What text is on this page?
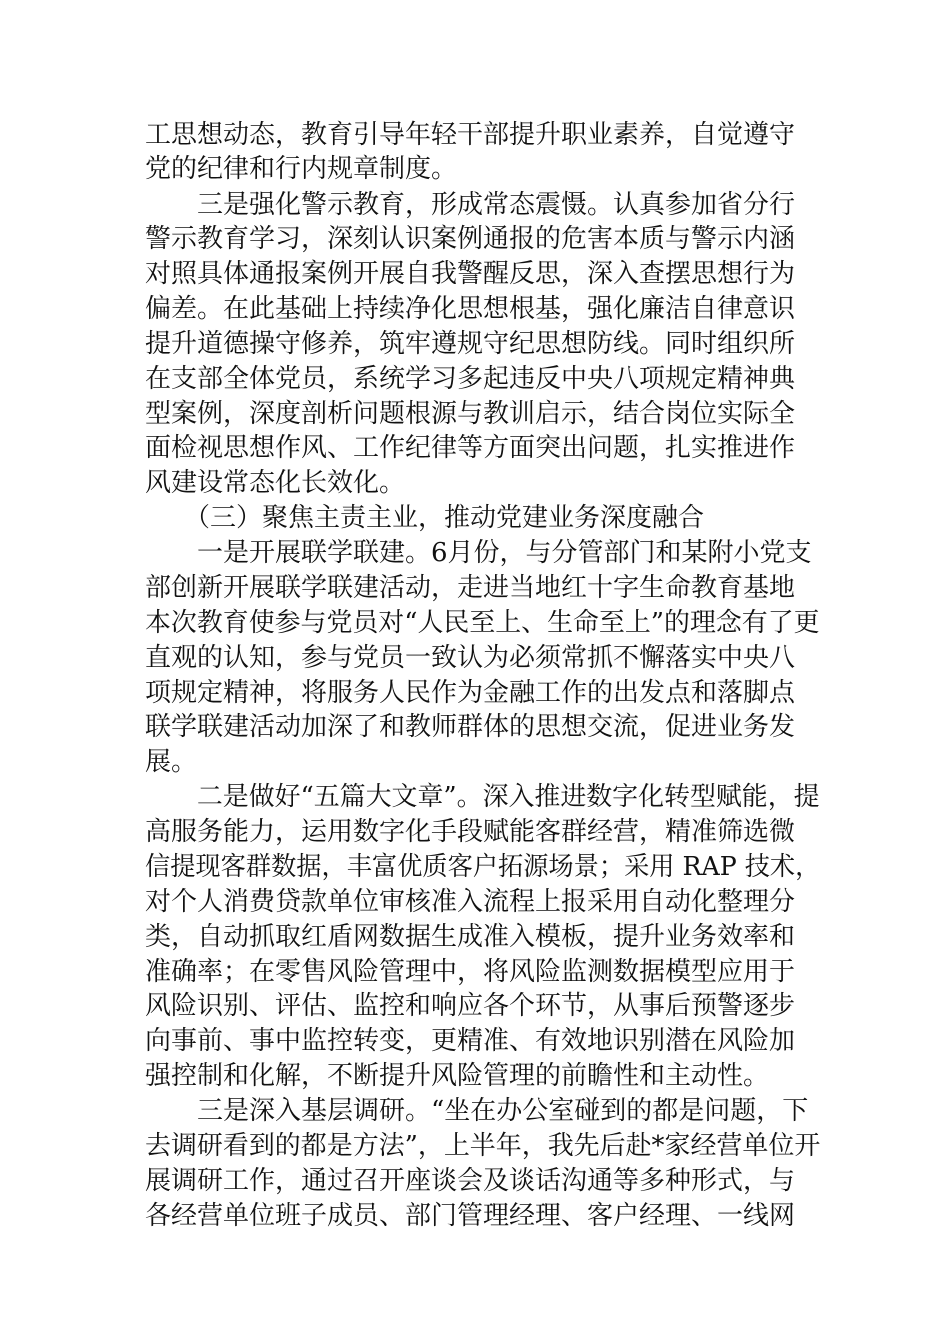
工思想动态，教育引导年轻干部提升职业素养，自觉遵守
党的纪律和行内规章制度。
　　三是强化警示教育，形成常态震慑。认真参加省分行
警示教育学习，深刻认识案例通报的危害本质与警示内涵
对照具体通报案例开展自我警醒反思，深入查摆思想行为
偏差。在此基础上持续净化思想根基，强化廉洁自律意识
提升道德操守修养，筑牢遵规守纪思想防线。同时组织所
在支部全体党员，系统学习多起违反中央八项规定精神典
型案例，深度剖析问题根源与教训启示，结合岗位实际全
面检视思想作风、工作纪律等方面突出问题，扎实推进作
风建设常态化长效化。
　　（三）聚焦主责主业，推动党建业务深度融合
　　一是开展联学联建。6月份，与分管部门和某附小党支
部创新开展联学联建活动，走进当地红十字生命教育基地
本次教育使参与党员对“人民至上、生命至上”的理念有了更
直观的认知，参与党员一致认为必须常抓不懈落实中央八
项规定精神，将服务人民作为金融工作的出发点和落脚点
联学联建活动加深了和教师群体的思想交流，促进业务发
展。
　　二是做好“五篇大文章”。深入推进数字化转型赋能，提
高服务能力，运用数字化手段赋能客群经营，精准筛选微
信提现客群数据，丰富优质客户拓源场景；采用 RAP 技术，
对个人消费贷款单位审核准入流程上报采用自动化整理分
类，自动抓取红盾网数据生成准入模板，提升业务效率和
准确率；在零售风险管理中，将风险监测数据模型应用于
风险识别、评估、监控和响应各个环节，从事后预警逐步
向事前、事中监控转变，更精准、有效地识别潜在风险加
强控制和化解，不断提升风险管理的前瞻性和主动性。
　　三是深入基层调研。“坐在办公室碰到的都是问题，下
去调研看到的都是方法”，上半年，我先后赴*家经营单位开
展调研工作，通过召开座谈会及谈话沟通等多种形式，与
各经营单位班子成员、部门管理经理、客户经理、一线网
